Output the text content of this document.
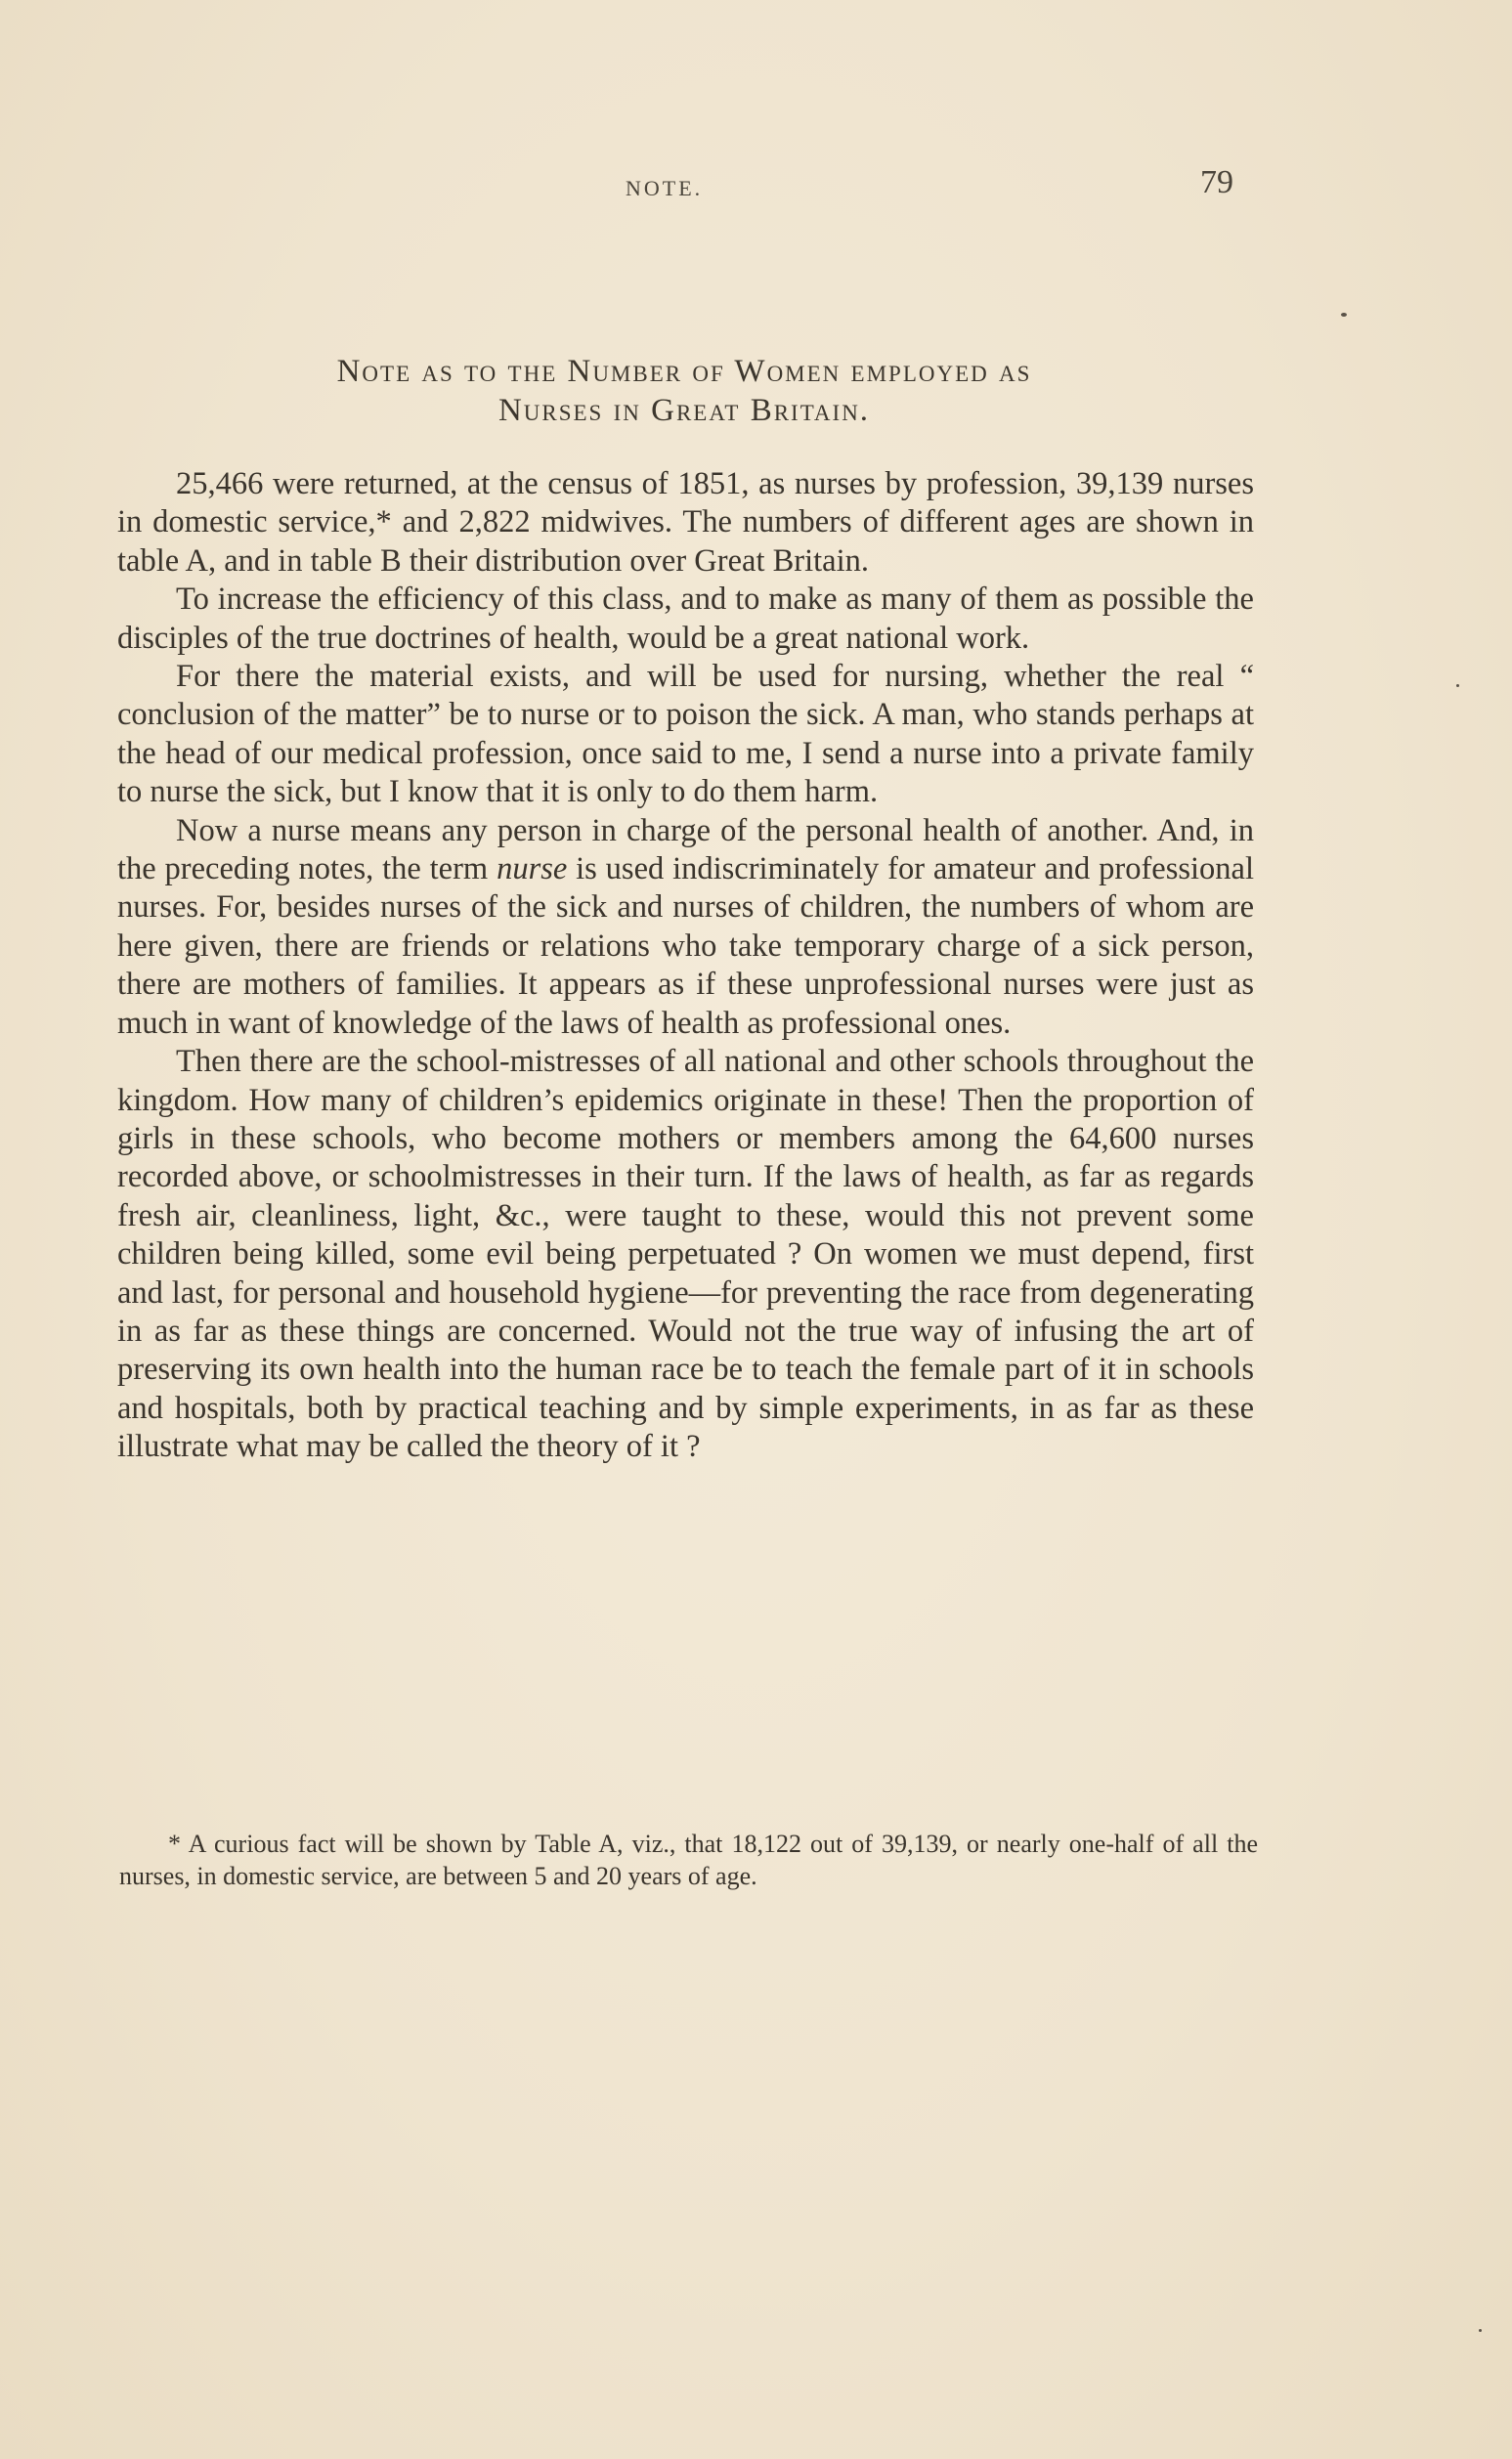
NOTE.	79
Note as to the Number of Women employed as
Nurses in Great Britain.

25,466 were returned, at the census of 1851, as nurses by profession, 39,139 nurses in domestic service,* and 2,822 midwives. The numbers of different ages are shown in table A, and in table B their distribution over Great Britain.

To increase the efficiency of this class, and to make as many of them as possible the disciples of the true doctrines of health, would be a great national work.

For there the material exists, and will be used for nursing, whether the real “ conclusion of the matter” be to nurse or to poison the sick. A man, who stands perhaps at the head of our medical profession, once said to me, I send a nurse into a private family to nurse the sick, but I know that it is only to do them harm.

Now a nurse means any person in charge of the personal health of another. And, in the preceding notes, the term nurse is used indiscriminately for amateur and professional nurses. For, besides nurses of the sick and nurses of children, the numbers of whom are here given, there are friends or relations who take temporary charge of a sick person, there are mothers of families. It appears as if these unprofessional nurses were just as much in want of knowledge of the laws of health as professional ones.

Then there are the school-mistresses of all national and other schools throughout the kingdom. How many of children’s epidemics originate in these! Then the proportion of girls in these schools, who become mothers or members among the 64,600 nurses recorded above, or schoolmistresses in their turn. If the laws of health, as far as regards fresh air, cleanliness, light, &c., were taught to these, would this not prevent some children being killed, some evil being perpetuated ? On women we must depend, first and last, for personal and household hygiene—for preventing the race from degenerating in as far as these things are concerned. Would not the true way of infusing the art of preserving its own health into the human race be to teach the female part of it in schools and hospitals, both by practical teaching and by simple experiments, in as far as these illustrate what may be called the theory of it ?

* A curious fact will be shown by Table A, viz., that 18,122 out of 39,139, or nearly one-half of all the nurses, in domestic service, are between 5 and 20 years of age.
